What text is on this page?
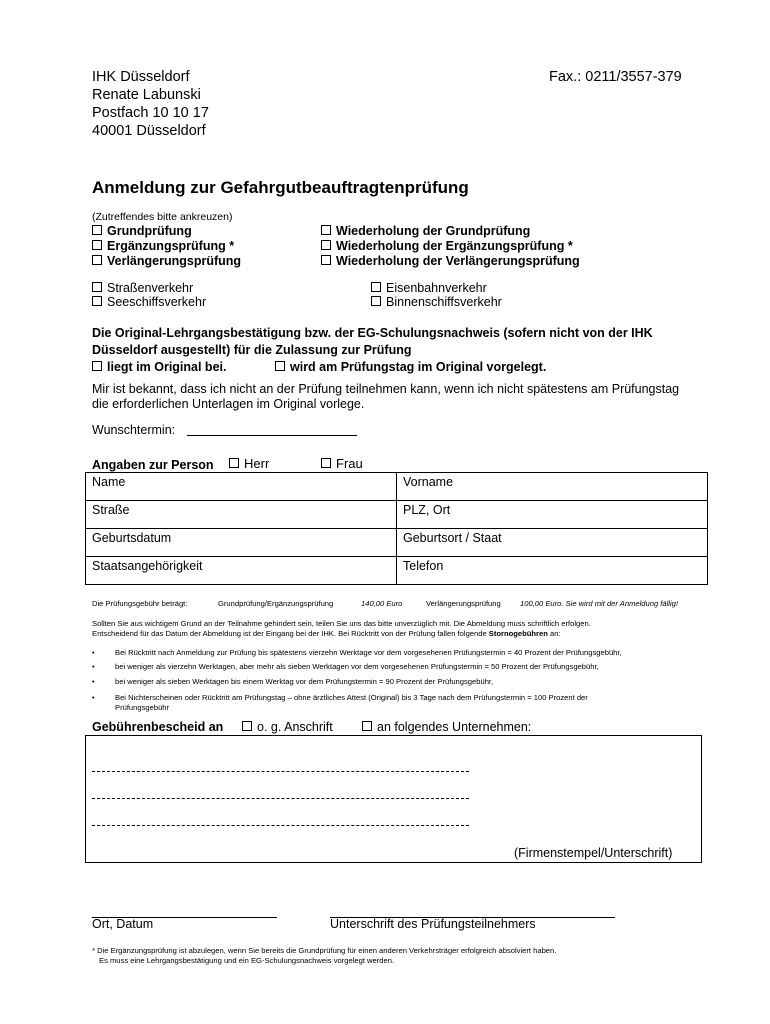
IHK Düsseldorf
Renate Labunski
Postfach 10 10 17
40001 Düsseldorf
Fax.: 0211/3557-379
Anmeldung zur Gefahrgutbeauftragtenprüfung
(Zutreffendes bitte ankreuzen)
Grundprüfung
Ergänzungsprüfung *
Verlängerungsprüfung
Wiederholung der Grundprüfung
Wiederholung der Ergänzungsprüfung *
Wiederholung der Verlängerungsprüfung
Straßenverkehr
Seeschiffsverkehr
Eisenbahnverkehr
Binnenschiffsverkehr
Die Original-Lehrgangsbestätigung bzw. der EG-Schulungsnachweis (sofern nicht von der IHK
Düsseldorf ausgestellt) für die Zulassung zur Prüfung
liegt im Original bei.	wird am Prüfungstag im Original vorgelegt.
Mir ist bekannt, dass ich nicht an der Prüfung teilnehmen kann, wenn ich nicht spätestens am Prüfungstag
die erforderlichen Unterlagen im Original vorlege.
Wunschtermin:
Angaben zur Person	Herr	Frau
Name	Vorname
Straße	PLZ, Ort
Geburtsdatum	Geburtsort / Staat
Staatsangehörigkeit	Telefon
Die Prüfungsgebühr beträgt:	Grundprüfung/Ergänzungsprüfung	140,00 Euro	Verlängerungsprüfung	100,00 Euro. Sie wird mit der Anmeldung fällig!
Sollten Sie aus wichtigem Grund an der Teilnahme gehindert sein, teilen Sie uns das bitte unverzüglich mit. Die Abmeldung muss schriftlich erfolgen.
Entscheidend für das Datum der Abmeldung ist der Eingang bei der IHK. Bei Rücktritt von der Prüfung fallen folgende Stornogebühren an:
•	Bei Rücktritt nach Anmeldung zur Prüfung bis spätestens vierzehn Werktage vor dem vorgesehenen Prüfungstermin = 40 Prozent der Prüfungsgebühr,
•	bei weniger als vierzehn Werktagen, aber mehr als sieben Werktagen vor dem vorgesehenen Prüfungstermin = 50 Prozent der Prüfungsgebühr,
•	bei weniger als sieben Werktagen bis einem Werktag vor dem Prüfungstermin = 90 Prozent der Prüfungsgebühr,
•	Bei Nichterscheinen oder Rücktritt am Prüfungstag – ohne ärztliches Attest (Original) bis 3 Tage nach dem Prüfungstermin = 100 Prozent der
Prüfungsgebühr
Gebührenbescheid an	o. g. Anschrift	an folgendes Unternehmen:
(Firmenstempel/Unterschrift)
Ort, Datum	Unterschrift des Prüfungsteilnehmers
* Die Ergänzungsprüfung ist abzulegen, wenn Sie bereits die Grundprüfung für einen anderen Verkehrsträger erfolgreich absolviert haben.
Es muss eine Lehrgangsbestätigung und ein EG-Schulungsnachweis vorgelegt werden.
